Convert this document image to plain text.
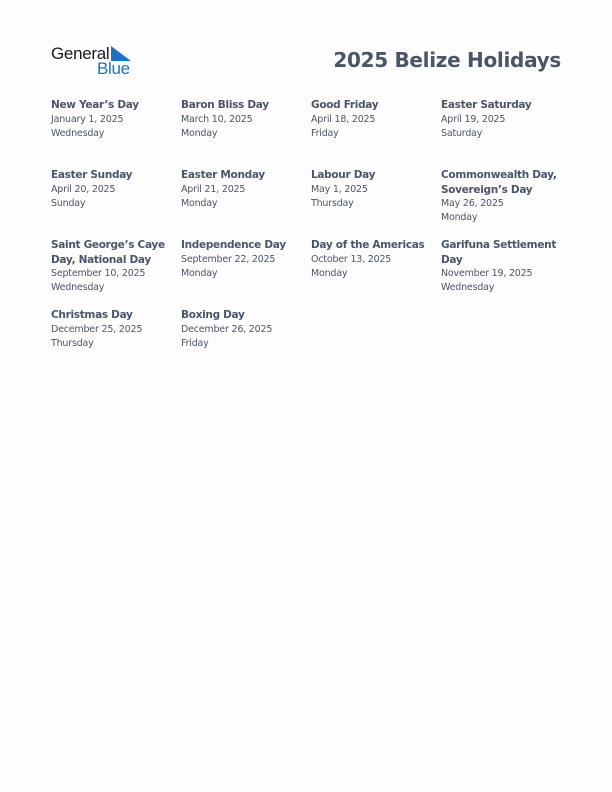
General
Blue	2025 Belize Holidays
New Year’s Day
January 1, 2025
Wednesday
Baron Bliss Day
March 10, 2025
Monday
Good Friday
April 18, 2025
Friday
Easter Saturday
April 19, 2025
Saturday
Easter Sunday
April 20, 2025
Sunday
Easter Monday
April 21, 2025
Monday
Labour Day
May 1, 2025
Thursday
Commonwealth Day, Sovereign’s Day
May 26, 2025
Monday
Saint George’s Caye Day, National Day
September 10, 2025
Wednesday
Independence Day
September 22, 2025
Monday
Day of the Americas
October 13, 2025
Monday
Garifuna Settlement Day
November 19, 2025
Wednesday
Christmas Day
December 25, 2025
Thursday
Boxing Day
December 26, 2025
Friday
